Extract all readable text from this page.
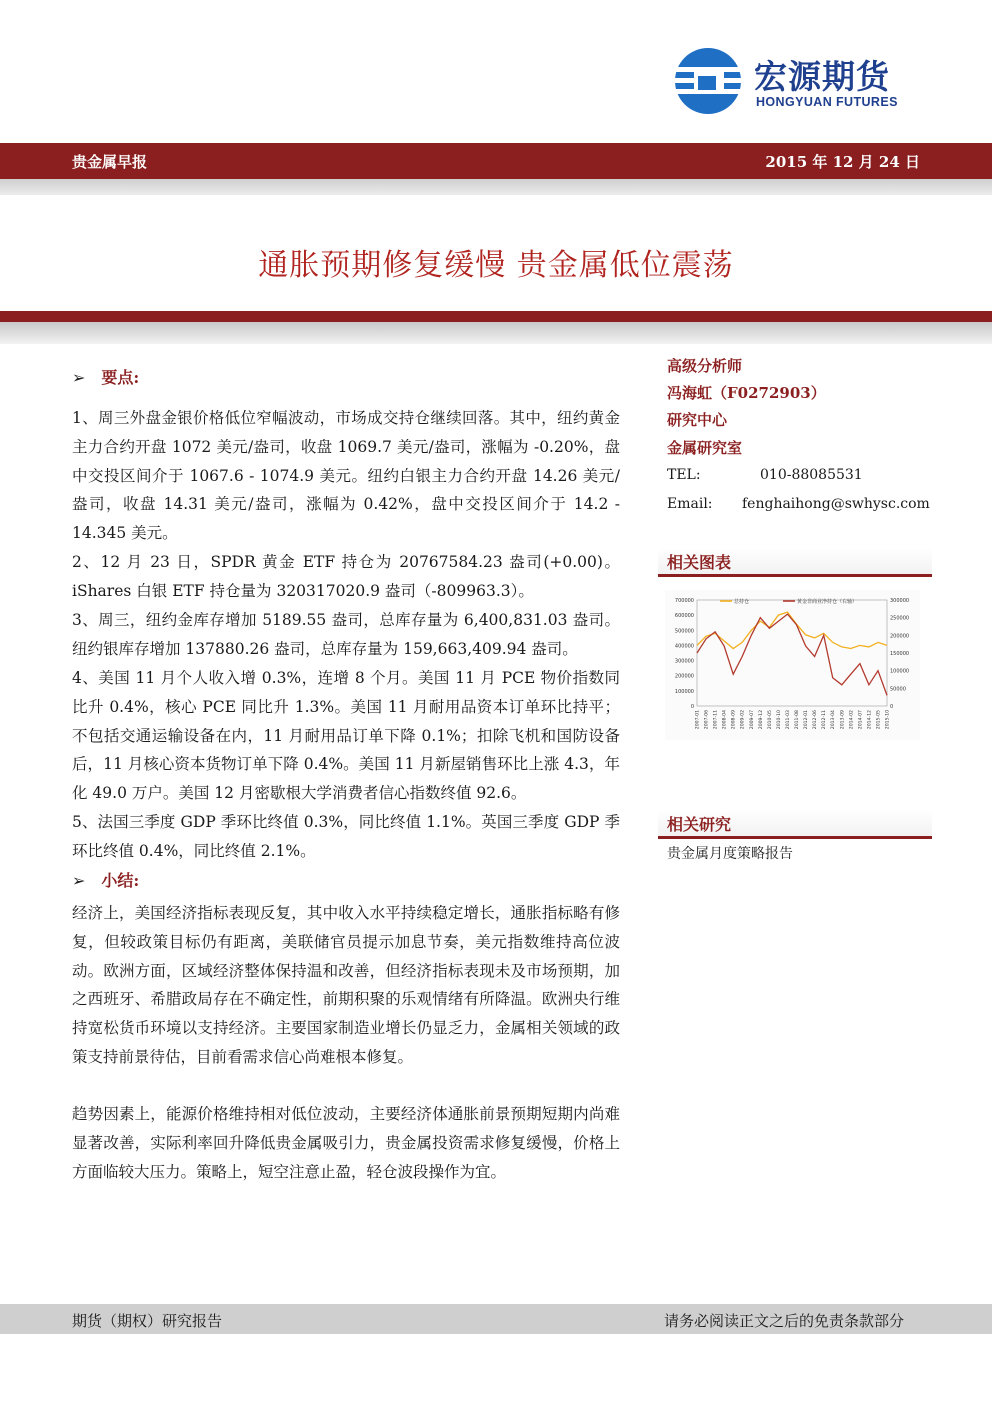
宏源期货
HONGYUAN FUTURES
贵金属早报	2015 年 12 月 24 日
通胀预期修复缓慢 贵金属低位震荡
➢ 要点:
1、周三外盘金银价格低位窄幅波动，市场成交持仓继续回落。其中，纽约黄金主力合约开盘 1072 美元/盎司，收盘 1069.7 美元/盎司，涨幅为 -0.20%，盘中交投区间介于 1067.6 - 1074.9 美元。纽约白银主力合约开盘 14.26 美元/盎司，收盘 14.31 美元/盎司，涨幅为 0.42%，盘中交投区间介于 14.2 - 14.345 美元。
2、12 月 23 日，SPDR 黄金 ETF 持仓为 20767584.23 盎司(+0.00)。iShares 白银 ETF 持仓量为 320317020.9 盎司（-809963.3）。
3、周三，纽约金库存增加 5189.55 盎司，总库存量为 6,400,831.03 盎司。纽约银库存增加 137880.26 盎司，总库存量为 159,663,409.94 盎司。
4、美国 11 月个人收入增 0.3%，连增 8 个月。美国 11 月 PCE 物价指数同比升 0.4%，核心 PCE 同比升 1.3%。美国 11 月耐用品资本订单环比持平；不包括交通运输设备在内，11 月耐用品订单下降 0.1%；扣除飞机和国防设备后，11 月核心资本货物订单下降 0.4%。美国 11 月新屋销售环比上涨 4.3，年化 49.0 万户。美国 12 月密歇根大学消费者信心指数终值 92.6。
5、法国三季度 GDP 季环比终值 0.3%，同比终值 1.1%。英国三季度 GDP 季环比终值 0.4%，同比终值 2.1%。
➢ 小结:
经济上，美国经济指标表现反复，其中收入水平持续稳定增长，通胀指标略有修复，但较政策目标仍有距离，美联储官员提示加息节奏，美元指数维持高位波动。欧洲方面，区域经济整体保持温和改善，但经济指标表现未及市场预期，加之西班牙、希腊政局存在不确定性，前期积聚的乐观情绪有所降温。欧洲央行维持宽松货币环境以支持经济。主要国家制造业增长仍显乏力，金属相关领域的政策支持前景待估，目前看需求信心尚难根本修复。
趋势因素上，能源价格维持相对低位波动，主要经济体通胀前景预期短期内尚难显著改善，实际利率回升降低贵金属吸引力，贵金属投资需求修复缓慢，价格上方面临较大压力。策略上，短空注意止盈，轻仓波段操作为宜。
高级分析师
冯海虹（F0272903）
研究中心
金属研究室
TEL:	010-88085531
Email: fenghaihong@swhysc.com
相关图表
700000
600000
500000
400000
300000
200000
100000
0
300000
250000
200000
150000
100000
50000
0
2007-01 2007-06 2007-11 2008-04 2008-09 2009-02 2009-07 2009-12 2010-05 2010-10 2011-03 2011-08 2012-01 2012-06 2012-11 2013-04 2013-09 2014-02 2014-07 2014-12 2015-05 2015-10
总持仓	黄金非商业净持仓（右轴）
相关研究
贵金属月度策略报告
期货（期权）研究报告	请务必阅读正文之后的免责条款部分
